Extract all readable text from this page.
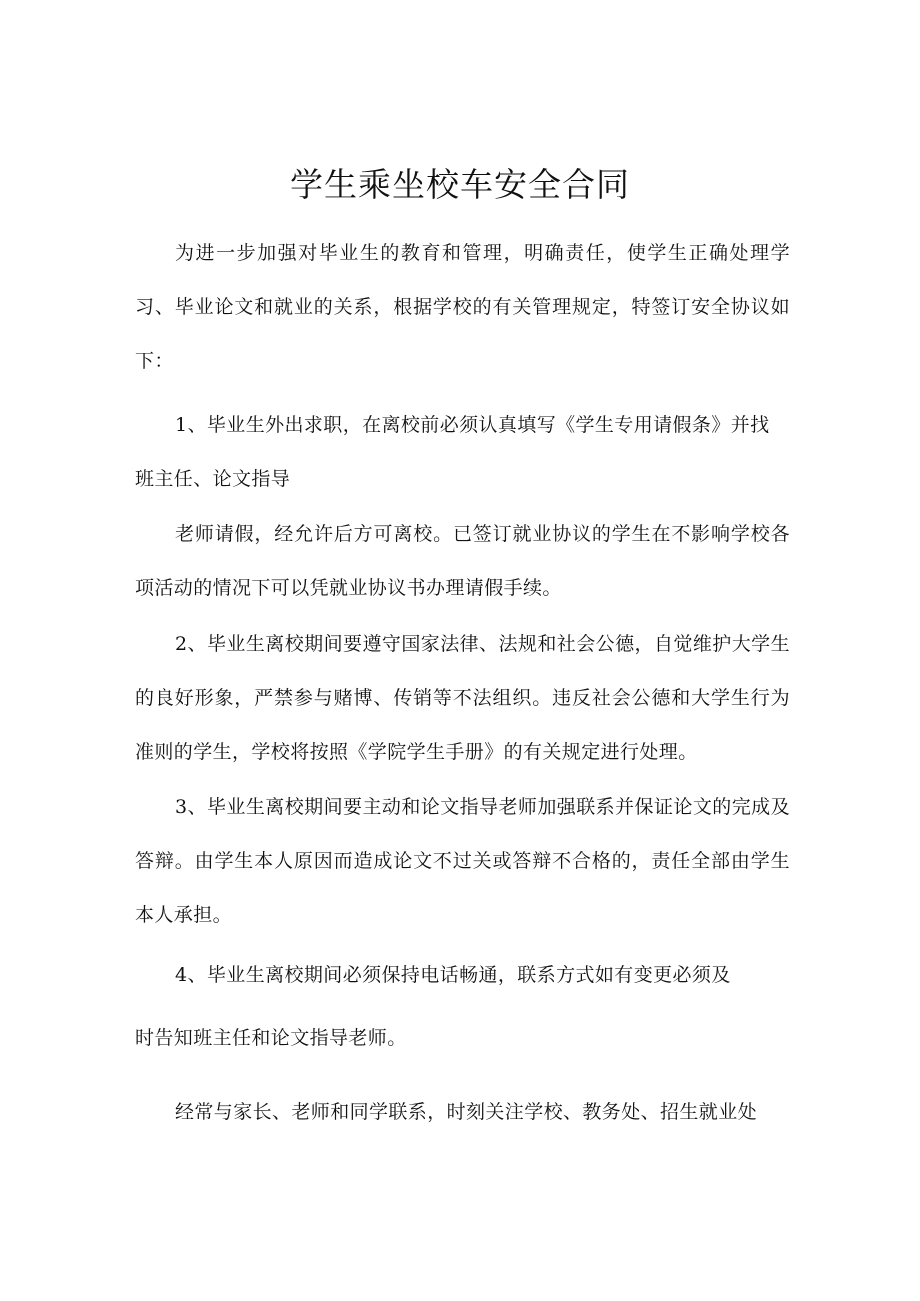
学生乘坐校车安全合同

为进一步加强对毕业生的教育和管理，明确责任，使学生正确处理学习、毕业论文和就业的关系，根据学校的有关管理规定，特签订安全协议如下：

1、毕业生外出求职，在离校前必须认真填写《学生专用请假条》并找

班主任、论文指导

老师请假，经允许后方可离校。已签订就业协议的学生在不影响学校各项活动的情况下可以凭就业协议书办理请假手续。

2、毕业生离校期间要遵守国家法律、法规和社会公德，自觉维护大学生的良好形象，严禁参与赌博、传销等不法组织。违反社会公德和大学生行为准则的学生，学校将按照《学院学生手册》的有关规定进行处理。

3、毕业生离校期间要主动和论文指导老师加强联系并保证论文的完成及答辩。由学生本人原因而造成论文不过关或答辩不合格的，责任全部由学生本人承担。

4、毕业生离校期间必须保持电话畅通，联系方式如有变更必须及

时告知班主任和论文指导老师。

经常与家长、老师和同学联系，时刻关注学校、教务处、招生就业处
